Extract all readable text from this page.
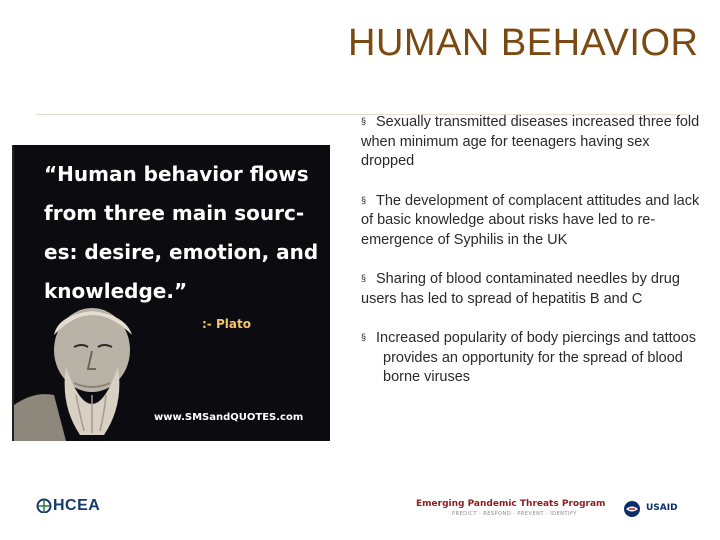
HUMAN BEHAVIOR
“Human behavior flows from three main sourc-es: desire, emotion, and knowledge.”
:- Plato
www.SMSandQUOTES.com
§ Sexually transmitted diseases increased three fold when minimum age for teenagers having sex dropped
§ The development of complacent attitudes and lack of basic knowledge about risks have led to re-emergence of Syphilis in the UK
§ Sharing of blood contaminated needles by drug users has led to spread of hepatitis B and C
§ Increased popularity of body piercings and tattoos provides an opportunity for the spread of blood borne viruses
HCEA	Emerging Pandemic Threats Program
PREDICT · RESPOND · PREVENT · IDENTIFY
USAID
